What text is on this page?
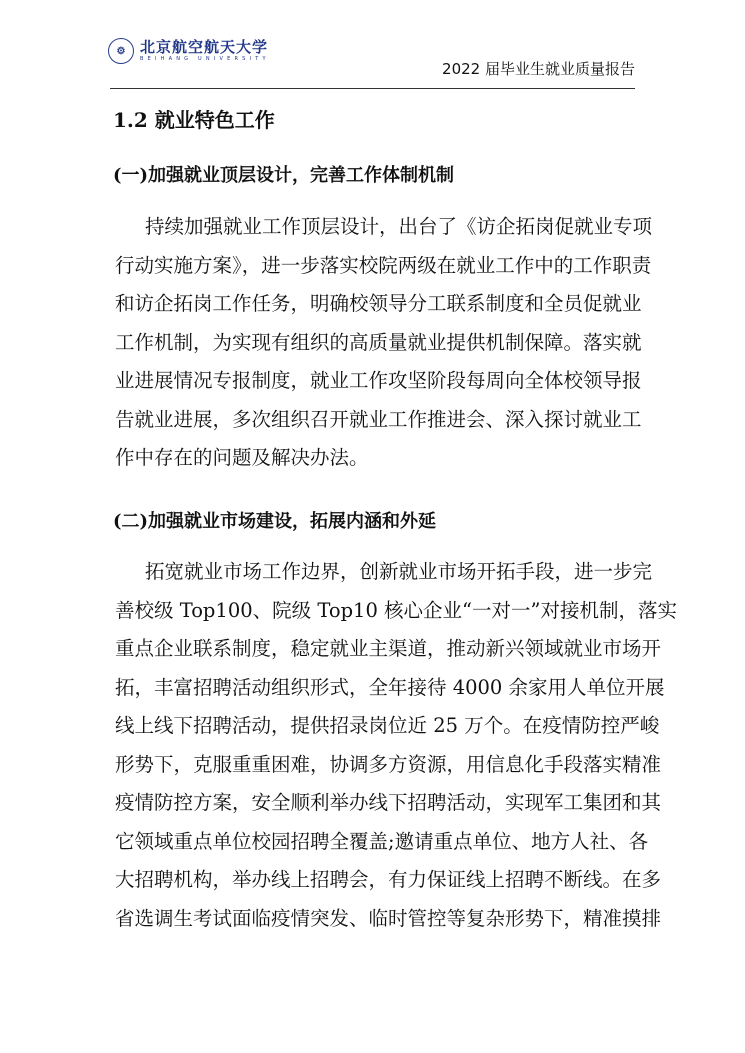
⚙ 北京航空航天大学
BEIHANG UNIVERSITY
2022 届毕业生就业质量报告
1.2 就业特色工作
(一)加强就业顶层设计，完善工作体制机制
持续加强就业工作顶层设计，出台了《访企拓岗促就业专项
行动实施方案》，进一步落实校院两级在就业工作中的工作职责
和访企拓岗工作任务，明确校领导分工联系制度和全员促就业
工作机制，为实现有组织的高质量就业提供机制保障。落实就
业进展情况专报制度，就业工作攻坚阶段每周向全体校领导报
告就业进展，多次组织召开就业工作推进会、深入探讨就业工
作中存在的问题及解决办法。
(二)加强就业市场建设，拓展内涵和外延
拓宽就业市场工作边界，创新就业市场开拓手段，进一步完
善校级 Top100、院级 Top10 核心企业“一对一”对接机制，落实
重点企业联系制度，稳定就业主渠道，推动新兴领域就业市场开
拓，丰富招聘活动组织形式，全年接待 4000 余家用人单位开展
线上线下招聘活动，提供招录岗位近 25 万个。在疫情防控严峻
形势下，克服重重困难，协调多方资源，用信息化手段落实精准
疫情防控方案，安全顺利举办线下招聘活动，实现军工集团和其
它领域重点单位校园招聘全覆盖;邀请重点单位、地方人社、各
大招聘机构，举办线上招聘会，有力保证线上招聘不断线。在多
省选调生考试面临疫情突发、临时管控等复杂形势下，精准摸排
